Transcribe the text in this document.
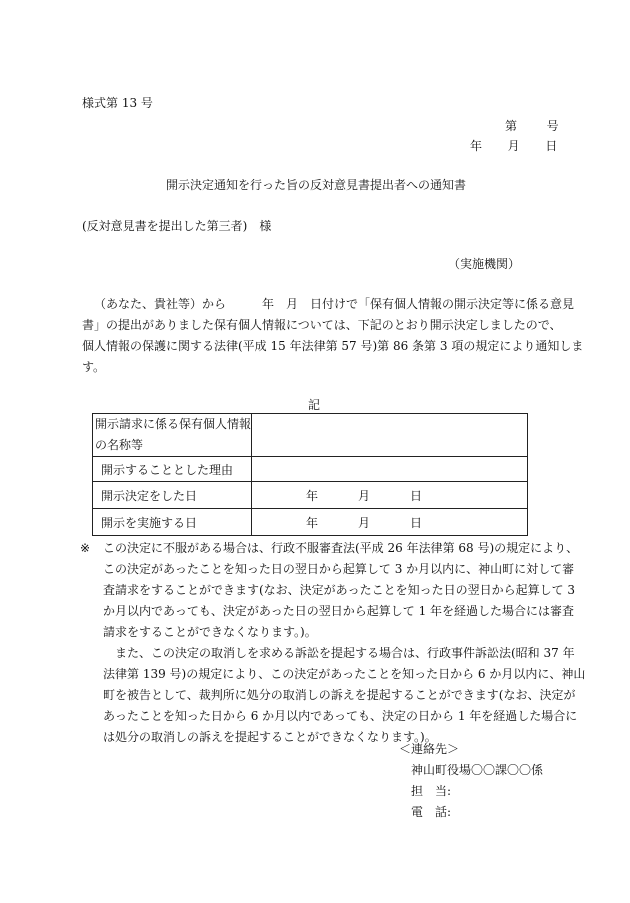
様式第 13 号
第 号
年 月 日
開示決定通知を行った旨の反対意見書提出者への通知書
(反対意見書を提出した第三者)　様
（実施機関）
（あなた、貴社等）から　　　年　月　日付けで「保有個人情報の開示決定等に係る意見
書」の提出がありました保有個人情報については、下記のとおり開示決定しましたので、
個人情報の保護に関する法律(平成 15 年法律第 57 号)第 86 条第 3 項の規定により通知しま
す。
記
開示請求に係る保有個人情報
の名称等	

開示することとした理由	
開示決定をした日	年 月 日
開示を実施する日	年 月 日
※ この決定に不服がある場合は、行政不服審査法(平成 26 年法律第 68 号)の規定により、
この決定があったことを知った日の翌日から起算して 3 か月以内に、神山町に対して審
査請求をすることができます(なお、決定があったことを知った日の翌日から起算して 3
か月以内であっても、決定があった日の翌日から起算して 1 年を経過した場合には審査
請求をすることができなくなります。)。
　また、この決定の取消しを求める訴訟を提起する場合は、行政事件訴訟法(昭和 37 年
法律第 139 号)の規定により、この決定があったことを知った日から 6 か月以内に、神山
町を被告として、裁判所に処分の取消しの訴えを提起することができます(なお、決定が
あったことを知った日から 6 か月以内であっても、決定の日から 1 年を経過した場合に
は処分の取消しの訴えを提起することができなくなります。)。
＜連絡先＞
神山町役場〇〇課〇〇係
担　当:
電　話:
